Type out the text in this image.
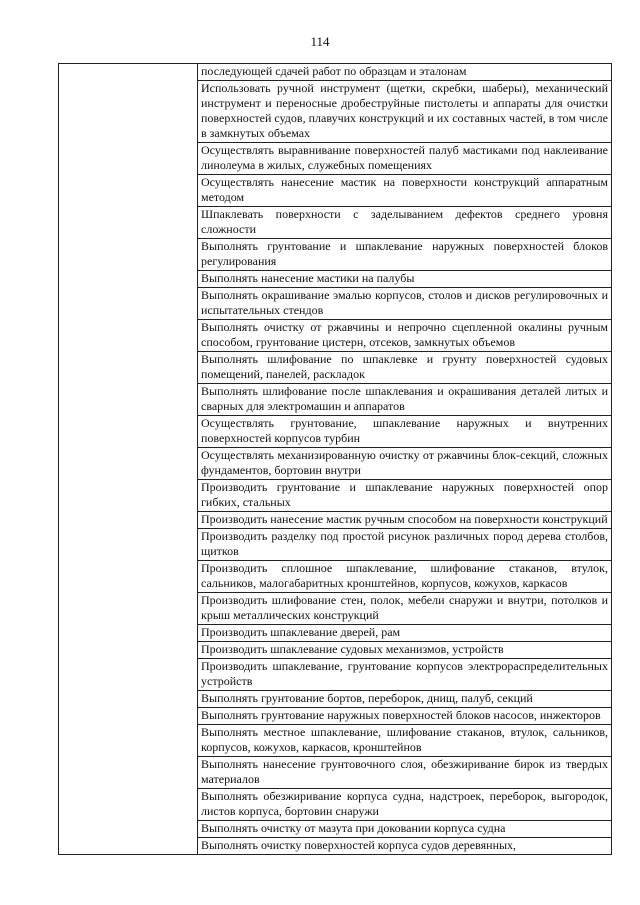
114

последующей сдачей работ по образцам и эталонам

Использовать ручной инструмент (щетки, скребки, шаберы), механический инструмент и переносные дробеструйные пистолеты и аппараты для очистки поверхностей судов, плавучих конструкций и их составных частей, в том числе в замкнутых объемах

Осуществлять выравнивание поверхностей палуб мастиками под наклеивание линолеума в жилых, служебных помещениях

Осуществлять нанесение мастик на поверхности конструкций аппаратным методом

Шпаклевать поверхности с заделыванием дефектов среднего уровня сложности

Выполнять грунтование и шпаклевание наружных поверхностей блоков регулирования

Выполнять нанесение мастики на палубы

Выполнять окрашивание эмалью корпусов, столов и дисков регулировочных и испытательных стендов

Выполнять очистку от ржавчины и непрочно сцепленной окалины ручным способом, грунтование цистерн, отсеков, замкнутых объемов

Выполнять шлифование по шпаклевке и грунту поверхностей судовых помещений, панелей, раскладок

Выполнять шлифование после шпаклевания и окрашивания деталей литых и сварных для электромашин и аппаратов

Осуществлять грунтование, шпаклевание наружных и внутренних поверхностей корпусов турбин

Осуществлять механизированную очистку от ржавчины блок-секций, сложных фундаментов, бортовин внутри

Производить грунтование и шпаклевание наружных поверхностей опор гибких, стальных

Производить нанесение мастик ручным способом на поверхности конструкций

Производить разделку под простой рисунок различных пород дерева столбов, щитков

Производить сплошное шпаклевание, шлифование стаканов, втулок, сальников, малогабаритных кронштейнов, корпусов, кожухов, каркасов

Производить шлифование стен, полок, мебели снаружи и внутри, потолков и крыш металлических конструкций

Производить шпаклевание дверей, рам

Производить шпаклевание судовых механизмов, устройств

Производить шпаклевание, грунтование корпусов электрораспределительных устройств

Выполнять грунтование бортов, переборок, днищ, палуб, секций

Выполнять грунтование наружных поверхностей блоков насосов, инжекторов

Выполнять местное шпаклевание, шлифование стаканов, втулок, сальников, корпусов, кожухов, каркасов, кронштейнов

Выполнять нанесение грунтовочного слоя, обезжиривание бирок из твердых материалов

Выполнять обезжиривание корпуса судна, надстроек, переборок, выгородок, листов корпуса, бортовин снаружи

Выполнять очистку от мазута при доковании корпуса судна

Выполнять очистку поверхностей корпуса судов деревянных,
